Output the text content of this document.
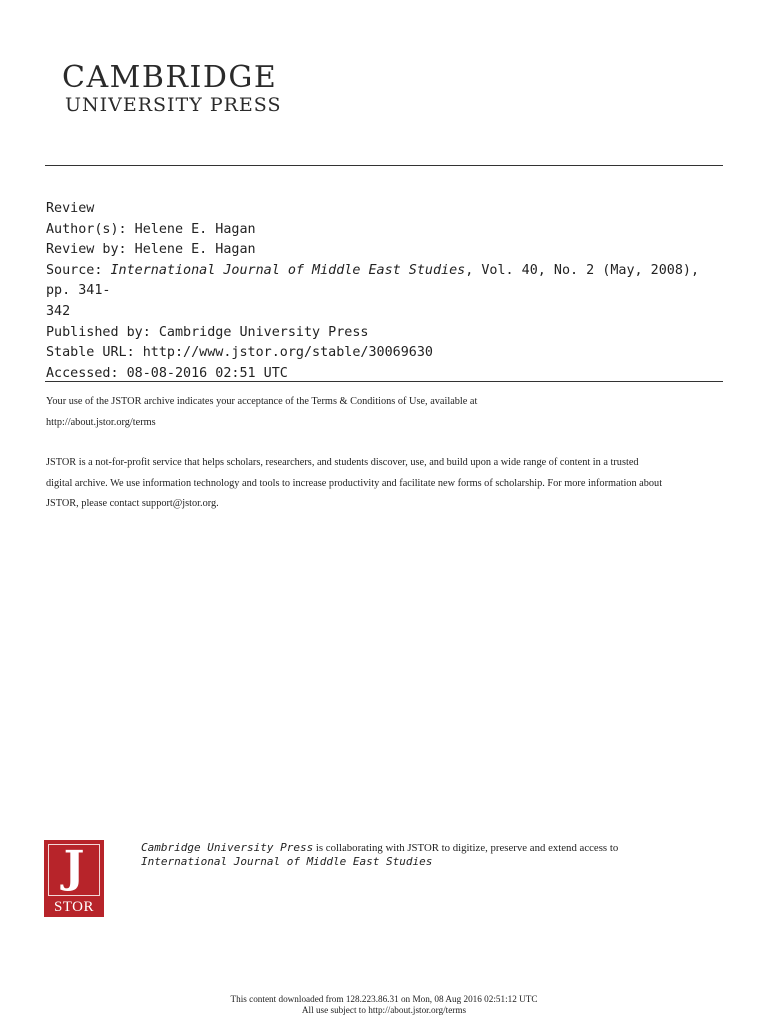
CAMBRIDGE
UNIVERSITY PRESS
Review
Author(s): Helene E. Hagan
Review by: Helene E. Hagan
Source: International Journal of Middle East Studies, Vol. 40, No. 2 (May, 2008), pp. 341-
342
Published by: Cambridge University Press
Stable URL: http://www.jstor.org/stable/30069630
Accessed: 08-08-2016 02:51 UTC

Your use of the JSTOR archive indicates your acceptance of the Terms & Conditions of Use, available at

http://about.jstor.org/terms

JSTOR is a not-for-profit service that helps scholars, researchers, and students discover, use, and build upon a wide range of content in a trusted

digital archive. We use information technology and tools to increase productivity and facilitate new forms of scholarship. For more information about

JSTOR, please contact support@jstor.org.

J
STOR
Cambridge University Press is collaborating with JSTOR to digitize, preserve and extend access to
International Journal of Middle East Studies
This content downloaded from 128.223.86.31 on Mon, 08 Aug 2016 02:51:12 UTC
All use subject to http://about.jstor.org/terms
